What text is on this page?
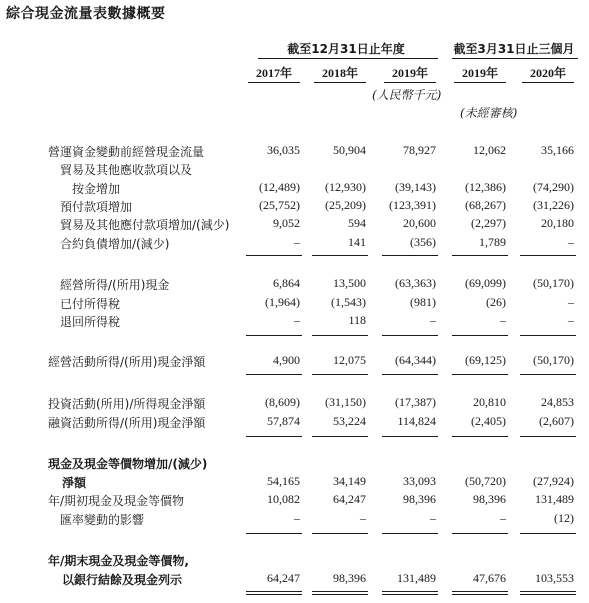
綜合現金流量表數據概要
截至12月31日止年度	截至3月31日止三個月
2017年	2018年	2019年	2019年	2020年
(人民幣千元)
(未經審核)
營運資金變動前經營現金流量	36,035	50,904	78,927	12,062	35,166
貿易及其他應收款項以及
按金增加	(12,489)	(12,930)	(39,143)	(12,386)	(74,290)
預付款項增加	(25,752)	(25,209)	(123,391)	(68,267)	(31,226)
貿易及其他應付款項增加/(減少)	9,052	594	20,600	(2,297)	20,180
合約負債增加/(減少)	–	141	(356)	1,789	–
經營所得/(所用)現金	6,864	13,500	(63,363)	(69,099)	(50,170)
已付所得稅	(1,964)	(1,543)	(981)	(26)	–
退回所得稅	–	118	–	–	–
經營活動所得/(所用)現金淨額	4,900	12,075	(64,344)	(69,125)	(50,170)
投資活動(所用)/所得現金淨額	(8,609)	(31,150)	(17,387)	20,810	24,853
融資活動所得/(所用)現金淨額	57,874	53,224	114,824	(2,405)	(2,607)
現金及現金等價物增加/(減少)
淨額	54,165	34,149	33,093	(50,720)	(27,924)
年/期初現金及現金等價物	10,082	64,247	98,396	98,396	131,489
匯率變動的影響	–	–	–	–	(12)
年/期末現金及現金等價物,
以銀行結餘及現金列示	64,247	98,396	131,489	47,676	103,553
